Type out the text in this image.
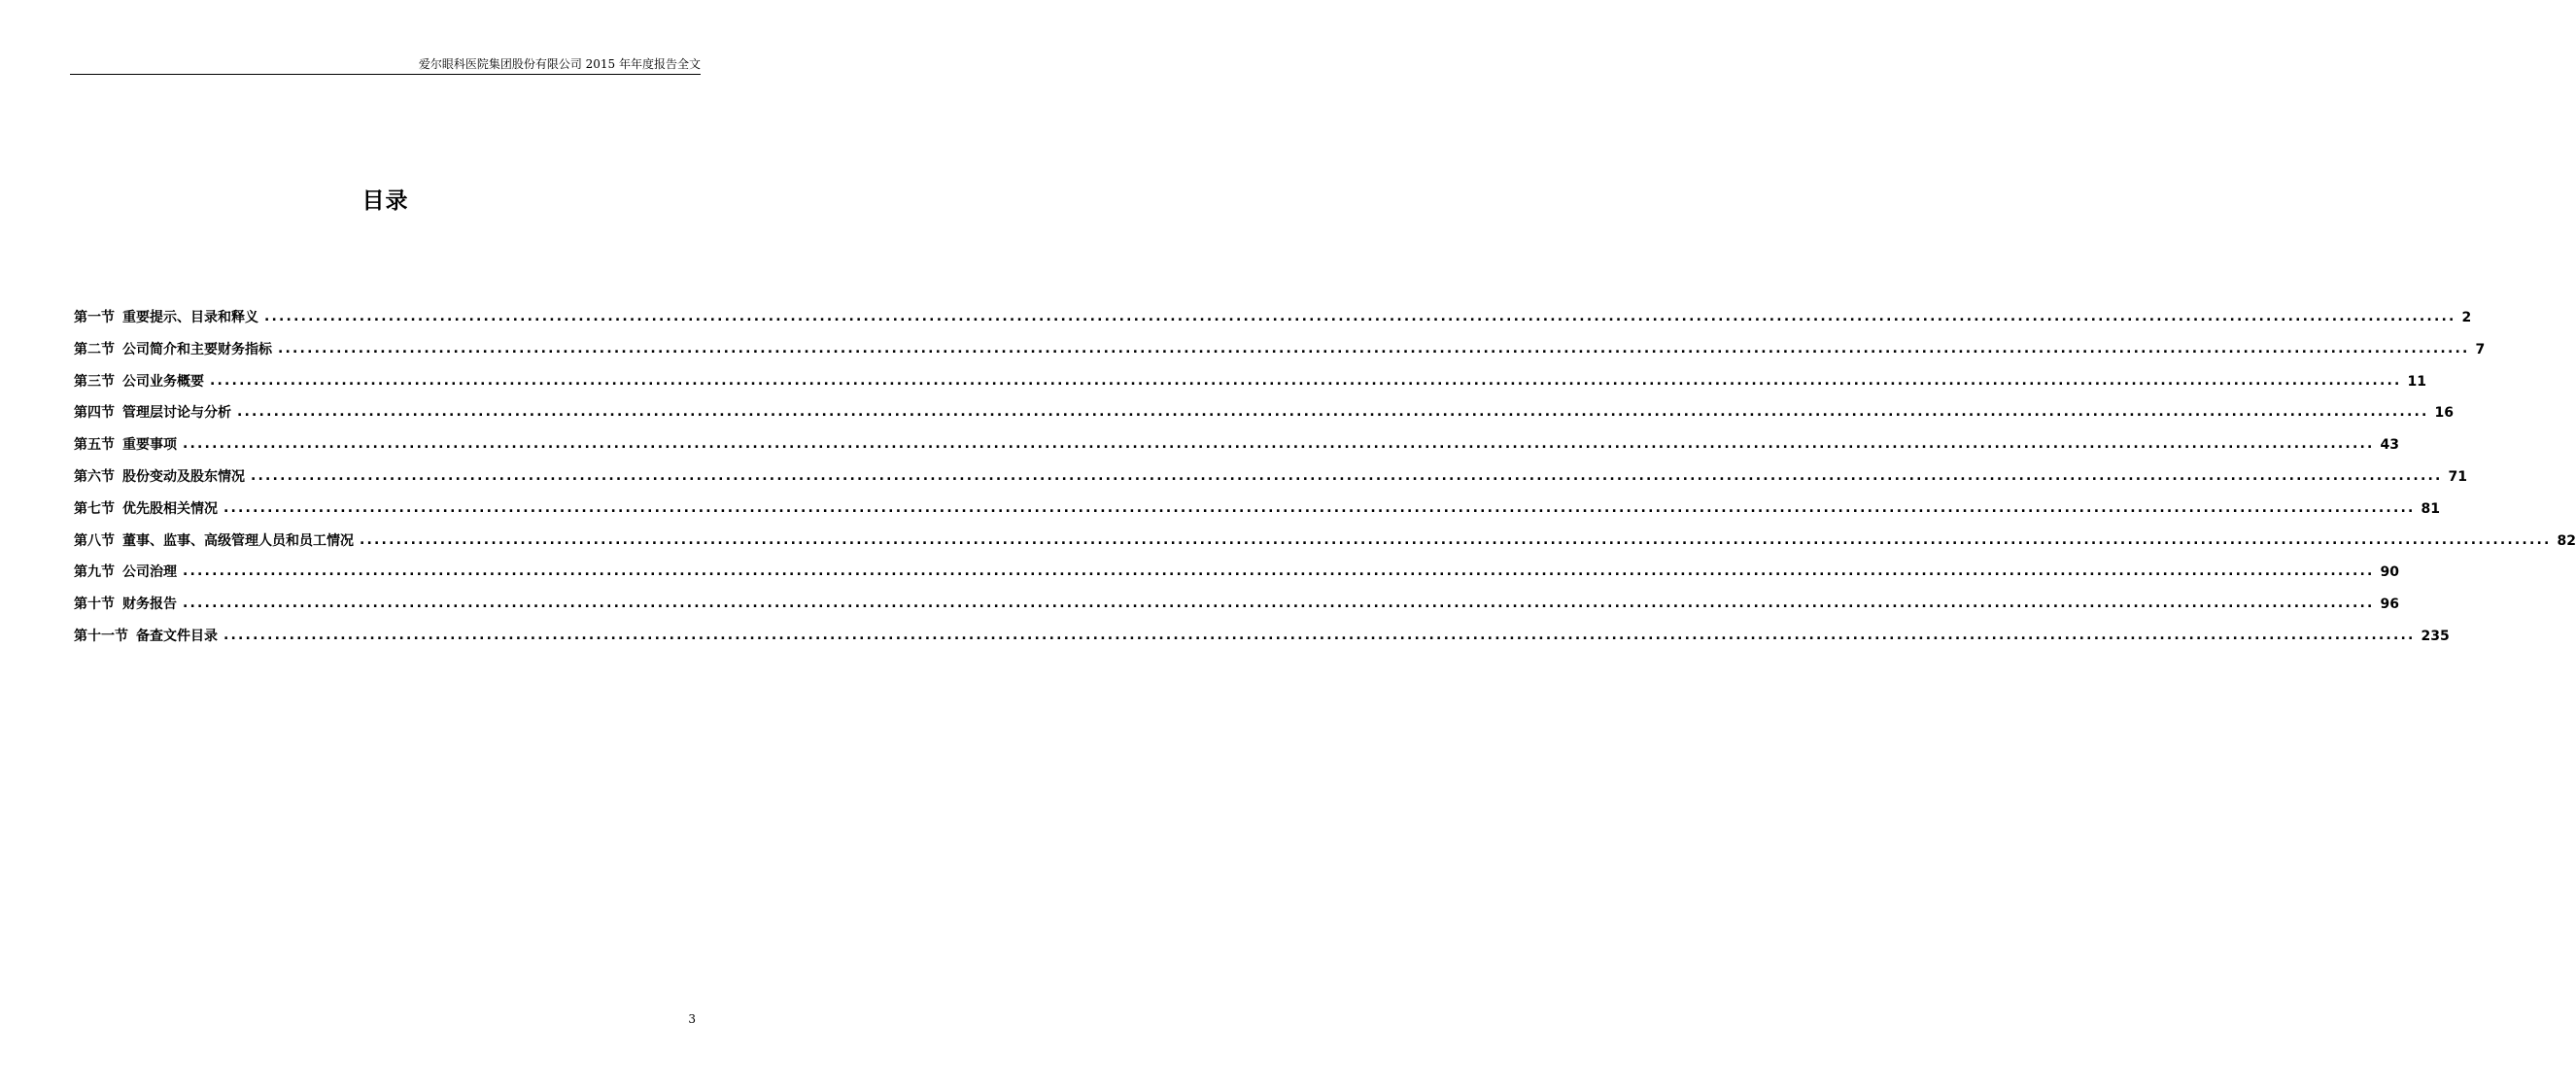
爱尔眼科医院集团股份有限公司 2015 年年度报告全文
目录
第一节 重要提示、目录和释义 ............................................................................................................................................................................................................................................................................................................ 2
第二节 公司简介和主要财务指标 ............................................................................................................................................................................................................................................................................................................ 7
第三节 公司业务概要 ............................................................................................................................................................................................................................................................................................................ 11
第四节 管理层讨论与分析 ............................................................................................................................................................................................................................................................................................................ 16
第五节 重要事项 ............................................................................................................................................................................................................................................................................................................ 43
第六节 股份变动及股东情况 ............................................................................................................................................................................................................................................................................................................ 71
第七节 优先股相关情况 ............................................................................................................................................................................................................................................................................................................ 81
第八节 董事、监事、高级管理人员和员工情况 ............................................................................................................................................................................................................................................................................................................ 82
第九节 公司治理 ............................................................................................................................................................................................................................................................................................................ 90
第十节 财务报告 ............................................................................................................................................................................................................................................................................................................ 96
第十一节 备查文件目录 ............................................................................................................................................................................................................................................................................................................ 235
3
